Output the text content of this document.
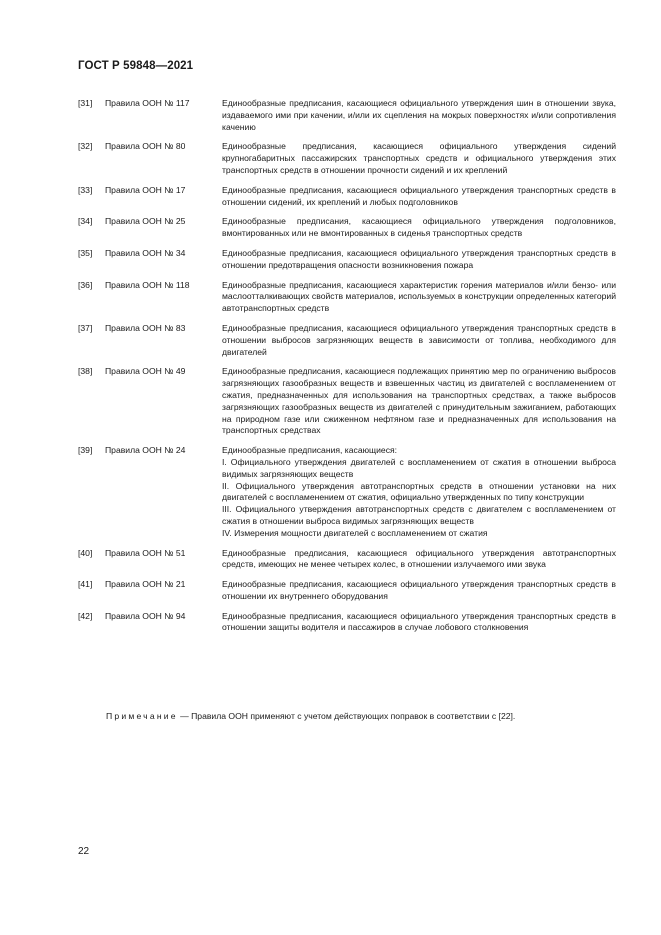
ГОСТ Р 59848—2021
[31]	Правила ООН № 117	Единообразные предписания, касающиеся официального утверждения шин в отношении звука, издаваемого ими при качении, и/или их сцепления на мокрых поверхностях и/или сопротивления качению
[32]	Правила ООН № 80	Единообразные предписания, касающиеся официального утверждения сидений крупногабаритных пассажирских транспортных средств и официального утверждения этих транспортных средств в отношении прочности сидений и их креплений
[33]	Правила ООН № 17	Единообразные предписания, касающиеся официального утверждения транспортных средств в отношении сидений, их креплений и любых подголовников
[34]	Правила ООН № 25	Единообразные предписания, касающиеся официального утверждения подголовников, вмонтированных или не вмонтированных в сиденья транспортных средств
[35]	Правила ООН № 34	Единообразные предписания, касающиеся официального утверждения транспортных средств в отношении предотвращения опасности возникновения пожара
[36]	Правила ООН № 118	Единообразные предписания, касающиеся характеристик горения материалов и/или бензо- или маслоотталкивающих свойств материалов, используемых в конструкции определенных категорий автотранспортных средств
[37]	Правила ООН № 83	Единообразные предписания, касающиеся официального утверждения транспортных средств в отношении выбросов загрязняющих веществ в зависимости от топлива, необходимого для двигателей
[38]	Правила ООН № 49	Единообразные предписания, касающиеся подлежащих принятию мер по ограничению выбросов загрязняющих газообразных веществ и взвешенных частиц из двигателей с воспламенением от сжатия, предназначенных для использования на транспортных средствах, а также выбросов загрязняющих газообразных веществ из двигателей с принудительным зажиганием, работающих на природном газе или сжиженном нефтяном газе и предназначенных для использования на транспортных средствах
[39]	Правила ООН № 24	Единообразные предписания, касающиеся:
I. Официального утверждения двигателей с воспламенением от сжатия в отношении выброса видимых загрязняющих веществ
II. Официального утверждения автотранспортных средств в отношении установки на них двигателей с воспламенением от сжатия, официально утвержденных по типу конструкции
III. Официального утверждения автотранспортных средств с двигателем с воспламенением от сжатия в отношении выброса видимых загрязняющих веществ
IV. Измерения мощности двигателей с воспламенением от сжатия
[40]	Правила ООН № 51	Единообразные предписания, касающиеся официального утверждения автотранспортных средств, имеющих не менее четырех колес, в отношении излучаемого ими звука
[41]	Правила ООН № 21	Единообразные предписания, касающиеся официального утверждения транспортных средств в отношении их внутреннего оборудования
[42]	Правила ООН № 94	Единообразные предписания, касающиеся официального утверждения транспортных средств в отношении защиты водителя и пассажиров в случае лобового столкновения
Примечание — Правила ООН применяют с учетом действующих поправок в соответствии с [22].
22
